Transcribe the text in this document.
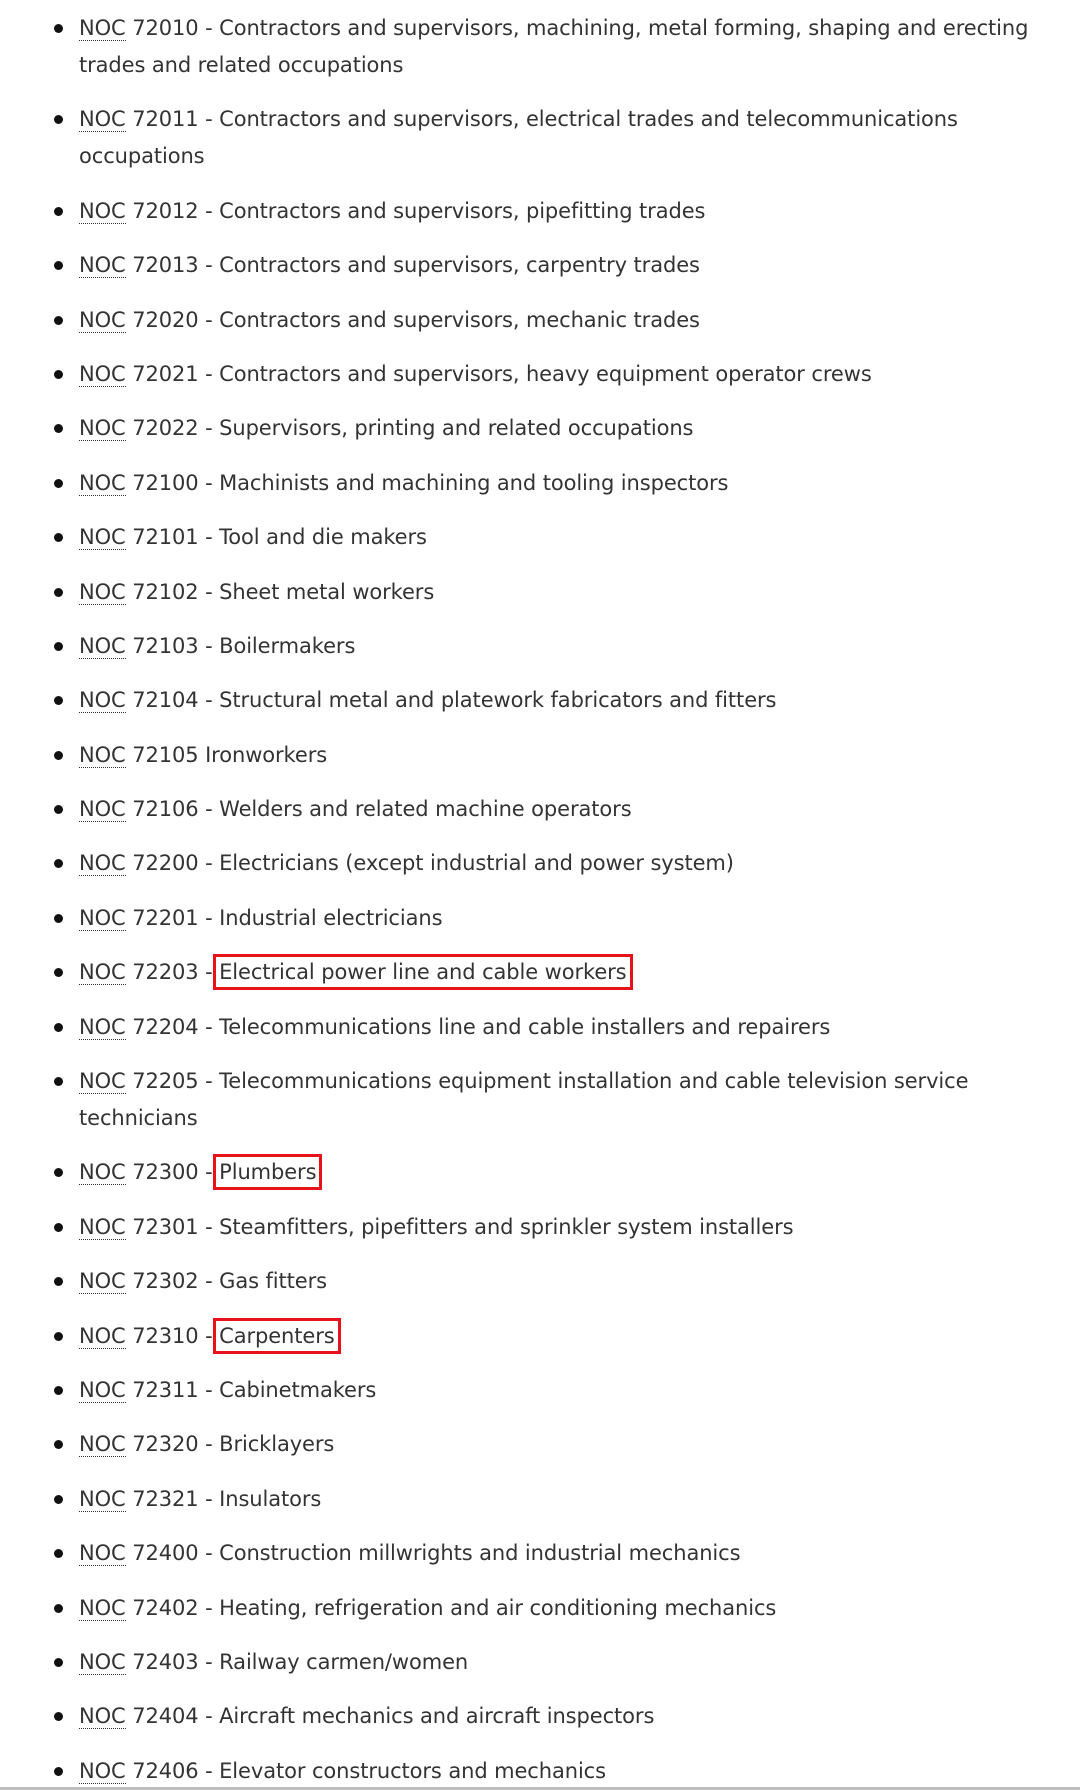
NOC 72010 - Contractors and supervisors, machining, metal forming, shaping and erecting trades and related occupations
NOC 72011 - Contractors and supervisors, electrical trades and telecommunications occupations
NOC 72012 - Contractors and supervisors, pipefitting trades
NOC 72013 - Contractors and supervisors, carpentry trades
NOC 72020 - Contractors and supervisors, mechanic trades
NOC 72021 - Contractors and supervisors, heavy equipment operator crews
NOC 72022 - Supervisors, printing and related occupations
NOC 72100 - Machinists and machining and tooling inspectors
NOC 72101 - Tool and die makers
NOC 72102 - Sheet metal workers
NOC 72103 - Boilermakers
NOC 72104 - Structural metal and platework fabricators and fitters
NOC 72105 Ironworkers
NOC 72106 - Welders and related machine operators
NOC 72200 - Electricians (except industrial and power system)
NOC 72201 - Industrial electricians
NOC 72203 - Electrical power line and cable workers
NOC 72204 - Telecommunications line and cable installers and repairers
NOC 72205 - Telecommunications equipment installation and cable television service technicians
NOC 72300 - Plumbers
NOC 72301 - Steamfitters, pipefitters and sprinkler system installers
NOC 72302 - Gas fitters
NOC 72310 - Carpenters
NOC 72311 - Cabinetmakers
NOC 72320 - Bricklayers
NOC 72321 - Insulators
NOC 72400 - Construction millwrights and industrial mechanics
NOC 72402 - Heating, refrigeration and air conditioning mechanics
NOC 72403 - Railway carmen/women
NOC 72404 - Aircraft mechanics and aircraft inspectors
NOC 72406 - Elevator constructors and mechanics
